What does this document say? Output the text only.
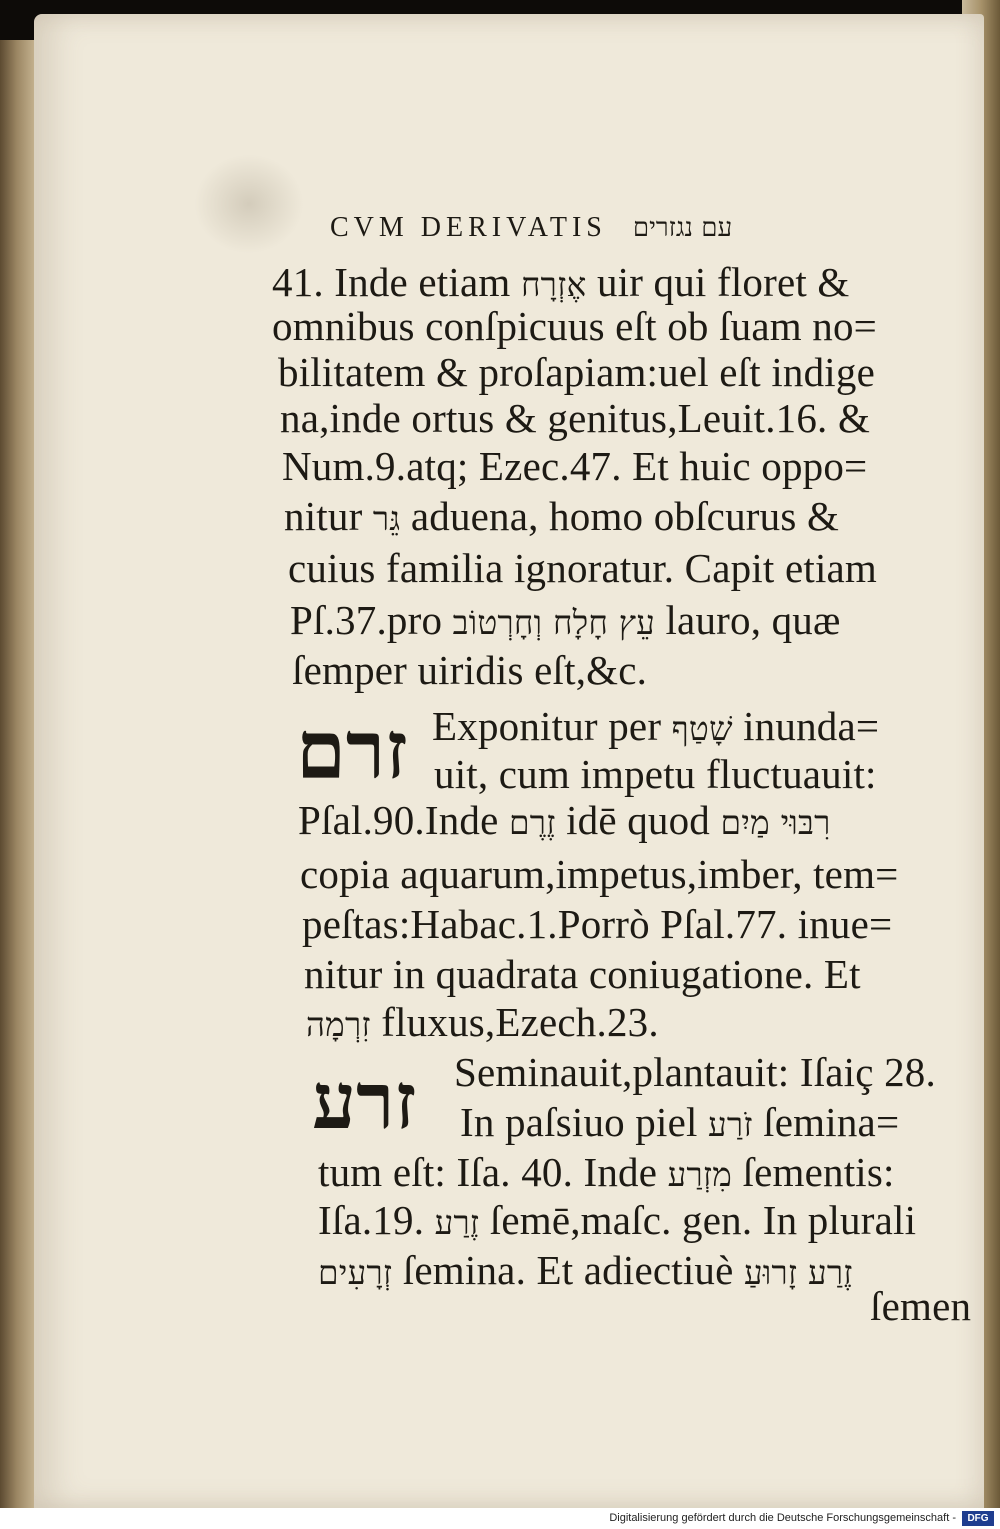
CVM DERIVATIS עם נגזרים
41. Inde etiam אֶזְרָח uir qui floret &
omnibus conſpicuus eſt ob ſuam no=
bilitatem & proſapiam:uel eſt indige
na,inde ortus & genitus,Leuit.16. &
Num.9.atq; Ezec.47. Et huic oppo=
nitur גֵּר aduena, homo obſcurus &
cuius familia ignoratur. Capit etiam
Pſ.37.pro עֵץ חָלָח וְחָרְטוֹב lauro, quæ
ſemper uiridis eſt,&c.
זרם Exponitur per שָׁטַף inunda=
uit, cum impetu fluctuauit:
Pſal.90.Inde זֶרֶם idē quod רִבּוּי מַיִם
copia aquarum,impetus,imber, tem=
peſtas:Habac.1.Porrò Pſal.77. inue=
nitur in quadrata coniugatione. Et
זִרְמָה fluxus,Ezech.23.
זרע Seminauit,plantauit: Iſaiç 28.
In paſsiuo piel זֹרַע ſemina=
tum eſt: Iſa. 40. Inde מִזְרַע ſementis:
Iſa.19. זֶרַע ſemē,maſc. gen. In plurali
זְרָעִים ſemina. Et adiectiuè זֶרַע זָרוּעַ
ſemen
Digitalisierung gefördert durch die Deutsche Forschungsgemeinschaft -	DFG
